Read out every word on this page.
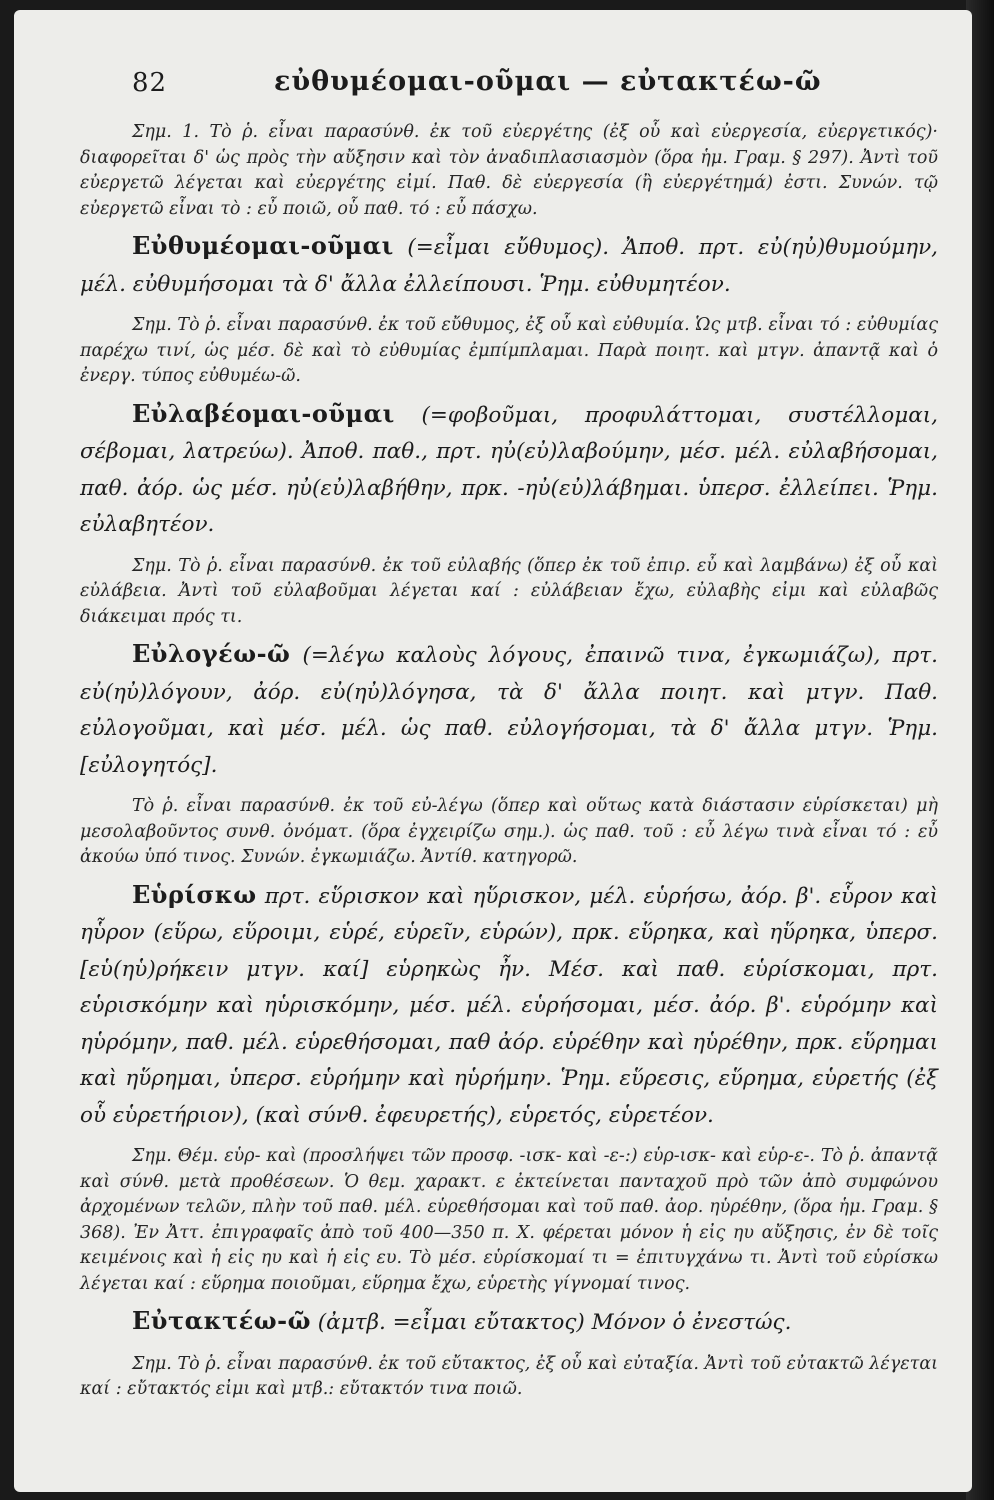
82	εὐθυμέομαι-οῦμαι — εὐτακτέω-ῶ
Σημ. 1. Τὸ ῥ. εἶναι παρασύνθ. ἐκ τοῦ εὐεργέτης (ἐξ οὗ καὶ εὐεργεσία, εὐεργετικός)· διαφορεῖται δ' ὡς πρὸς τὴν αὔξησιν καὶ τὸν ἀναδιπλασιασμὸν (ὅρα ἡμ. Γραμ. § 297). Ἀντὶ τοῦ εὐεργετῶ λέγεται καὶ εὐεργέτης εἰμί. Παθ. δὲ εὐεργεσία (ἢ εὐεργέτημά) ἐστι. Συνών. τῷ εὐεργετῶ εἶναι τὸ : εὖ ποιῶ, οὗ παθ. τό : εὖ πάσχω.
Εὐθυμέομαι-οῦμαι (=εἶμαι εὔθυμος). Ἀποθ. πρτ. εὐ(ηὐ)θυμούμην, μέλ. εὐθυμήσομαι τὰ δ' ἄλλα ἐλλείπουσι. Ῥημ. εὐθυμητέον.
Σημ. Τὸ ῥ. εἶναι παρασύνθ. ἐκ τοῦ εὔθυμος, ἐξ οὗ καὶ εὐθυμία. Ὡς μτβ. εἶναι τό : εὐθυμίας παρέχω τινί, ὡς μέσ. δὲ καὶ τὸ εὐθυμίας ἐμπίμπλαμαι. Παρὰ ποιητ. καὶ μτγν. ἀπαντᾷ καὶ ὁ ἐνεργ. τύπος εὐθυμέω-ῶ.
Εὐλαβέομαι-οῦμαι (=φοβοῦμαι, προφυλάττομαι, συστέλλομαι, σέβομαι, λατρεύω). Ἀποθ. παθ., πρτ. ηὐ(εὐ)λαβούμην, μέσ. μέλ. εὐλαβήσομαι, παθ. ἀόρ. ὡς μέσ. ηὐ(εὐ)λαβήθην, πρκ. -ηὐ(εὐ)λάβημαι. ὑπερσ. ἐλλείπει. Ῥημ. εὐλαβητέον.
Σημ. Τὸ ῥ. εἶναι παρασύνθ. ἐκ τοῦ εὐλαβής (ὅπερ ἐκ τοῦ ἐπιρ. εὖ καὶ λαμβάνω) ἐξ οὗ καὶ εὐλάβεια. Ἀντὶ τοῦ εὐλαβοῦμαι λέγεται καί : εὐλάβειαν ἔχω, εὐλαβὴς εἰμι καὶ εὐλαβῶς διάκειμαι πρός τι.
Εὐλογέω-ῶ (=λέγω καλοὺς λόγους, ἐπαινῶ τινα, ἐγκωμιάζω), πρτ. εὐ(ηὐ)λόγουν, ἀόρ. εὐ(ηὐ)λόγησα, τὰ δ' ἄλλα ποιητ. καὶ μτγν. Παθ. εὐλογοῦμαι, καὶ μέσ. μέλ. ὡς παθ. εὐλογήσομαι, τὰ δ' ἄλλα μτγν. Ῥημ. [εὐλογητός].
Τὸ ῥ. εἶναι παρασύνθ. ἐκ τοῦ εὐ-λέγω (ὅπερ καὶ οὕτως κατὰ διάστασιν εὑρίσκεται) μὴ μεσολαβοῦντος συνθ. ὀνόματ. (ὅρα ἐγχειρίζω σημ.). ὡς παθ. τοῦ : εὖ λέγω τινὰ εἶναι τό : εὖ ἀκούω ὑπό τινος. Συνών. ἐγκωμιάζω. Ἀντίθ. κατηγορῶ.
Εὑρίσκω πρτ. εὕρισκον καὶ ηὕρισκον, μέλ. εὑρήσω, ἀόρ. β'. εὗρον καὶ ηὗρον (εὕρω, εὕροιμι, εὑρέ, εὑρεῖν, εὑρών), πρκ. εὕρηκα, καὶ ηὕρηκα, ὑπερσ. [εὑ(ηὑ)ρήκειν μτγν. καί] εὑρηκὼς ἦν. Μέσ. καὶ παθ. εὑρίσκομαι, πρτ. εὑρισκόμην καὶ ηὑρισκόμην, μέσ. μέλ. εὑρήσομαι, μέσ. ἀόρ. β'. εὑρόμην καὶ ηὑρόμην, παθ. μέλ. εὑρεθήσομαι, παθ ἀόρ. εὑρέθην καὶ ηὑρέθην, πρκ. εὕρημαι καὶ ηὕρημαι, ὑπερσ. εὑρήμην καὶ ηὑρήμην. Ῥημ. εὕρεσις, εὕρημα, εὑρετής (ἐξ οὗ εὑρετήριον), (καὶ σύνθ. ἐφευρετής), εὑρετός, εὑρετέον.
Σημ. Θέμ. εὑρ- καὶ (προσλήψει τῶν προσφ. -ισκ- καὶ -ε-:) εὑρ-ισκ- καὶ εὑρ-ε-. Τὸ ῥ. ἀπαντᾷ καὶ σύνθ. μετὰ προθέσεων. Ὁ θεμ. χαρακτ. ε ἐκτείνεται πανταχοῦ πρὸ τῶν ἀπὸ συμφώνου ἀρχομένων τελῶν, πλὴν τοῦ παθ. μέλ. εὑρεθήσομαι καὶ τοῦ παθ. ἀορ. ηὑρέθην, (ὅρα ἡμ. Γραμ. § 368). Ἐν Ἀττ. ἐπιγραφαῖς ἀπὸ τοῦ 400—350 π. Χ. φέρεται μόνον ἡ εἰς ηυ αὔξησις, ἐν δὲ τοῖς κειμένοις καὶ ἡ εἰς ηυ καὶ ἡ εἰς ευ. Τὸ μέσ. εὑρίσκομαί τι = ἐπιτυγχάνω τι. Ἀντὶ τοῦ εὑρίσκω λέγεται καί : εὕρημα ποιοῦμαι, εὕρημα ἔχω, εὑρετὴς γίγνομαί τινος.
Εὐτακτέω-ῶ (ἀμτβ. =εἶμαι εὔτακτος) Μόνον ὁ ἐνεστώς.
Σημ. Τὸ ῥ. εἶναι παρασύνθ. ἐκ τοῦ εὔτακτος, ἐξ οὗ καὶ εὐταξία. Ἀντὶ τοῦ εὐτακτῶ λέγεται καί : εὔτακτός εἰμι καὶ μτβ.: εὔτακτόν τινα ποιῶ.
